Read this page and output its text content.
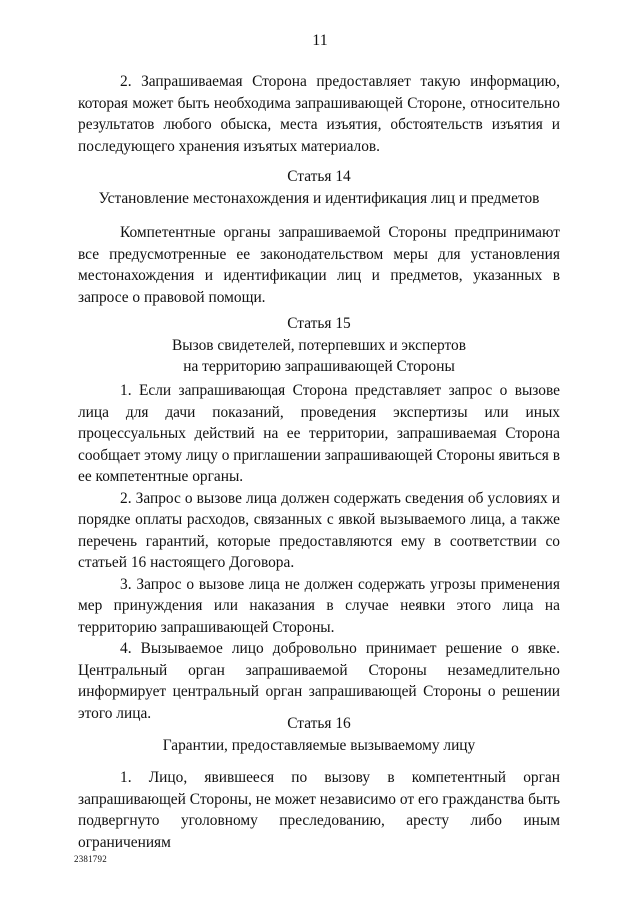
11

2. Запрашиваемая Сторона предоставляет такую информацию, которая может быть необходима запрашивающей Стороне, относительно результатов любого обыска, места изъятия, обстоятельств изъятия и последующего хранения изъятых материалов.

Статья 14
Установление местонахождения и идентификация лиц и предметов

Компетентные органы запрашиваемой Стороны предпринимают все предусмотренные ее законодательством меры для установления местонахождения и идентификации лиц и предметов, указанных в запросе о правовой помощи.

Статья 15
Вызов свидетелей, потерпевших и экспертов
на территорию запрашивающей Стороны

1. Если запрашивающая Сторона представляет запрос о вызове лица для дачи показаний, проведения экспертизы или иных процессуальных действий на ее территории, запрашиваемая Сторона сообщает этому лицу о приглашении запрашивающей Стороны явиться в ее компетентные органы.

2. Запрос о вызове лица должен содержать сведения об условиях и порядке оплаты расходов, связанных с явкой вызываемого лица, а также перечень гарантий, которые предоставляются ему в соответствии со статьей 16 настоящего Договора.

3. Запрос о вызове лица не должен содержать угрозы применения мер принуждения или наказания в случае неявки этого лица на территорию запрашивающей Стороны.

4. Вызываемое лицо добровольно принимает решение о явке. Центральный орган запрашиваемой Стороны незамедлительно информирует центральный орган запрашивающей Стороны о решении этого лица.

Статья 16
Гарантии, предоставляемые вызываемому лицу

1. Лицо, явившееся по вызову в компетентный орган запрашивающей Стороны, не может независимо от его гражданства быть подвергнуто уголовному преследованию, аресту либо иным ограничениям

2381792
